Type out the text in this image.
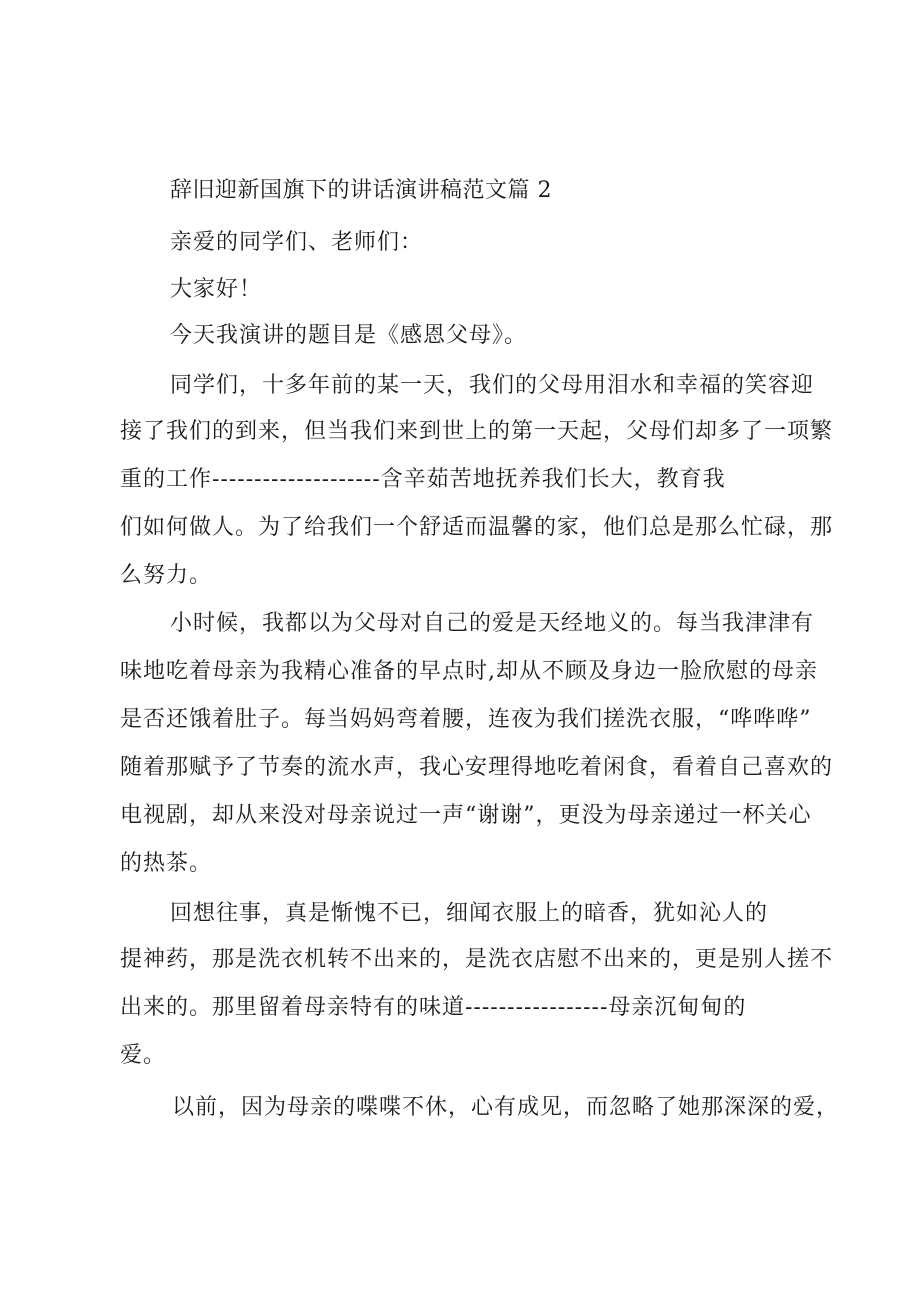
辞旧迎新国旗下的讲话演讲稿范文篇 2
亲爱的同学们、老师们：
大家好！
今天我演讲的题目是《感恩父母》。
同学们，十多年前的某一天，我们的父母用泪水和幸福的笑容迎
接了我们的到来，但当我们来到世上的第一天起，父母们却多了一项繁
重的工作--------------------含辛茹苦地抚养我们长大，教育我
们如何做人。为了给我们一个舒适而温馨的家，他们总是那么忙碌，那
么努力。
小时候，我都以为父母对自己的爱是天经地义的。每当我津津有
味地吃着母亲为我精心准备的早点时,却从不顾及身边一脸欣慰的母亲
是否还饿着肚子。每当妈妈弯着腰，连夜为我们搓洗衣服，“哗哗哗”
随着那赋予了节奏的流水声，我心安理得地吃着闲食，看着自己喜欢的
电视剧，却从来没对母亲说过一声“谢谢”，更没为母亲递过一杯关心
的热茶。
回想往事，真是惭愧不已，细闻衣服上的暗香，犹如沁人的
提神药，那是洗衣机转不出来的，是洗衣店慰不出来的，更是别人搓不
出来的。那里留着母亲特有的味道-----------------母亲沉甸甸的
爱。
以前，因为母亲的喋喋不休，心有成见，而忽略了她那深深的爱，
